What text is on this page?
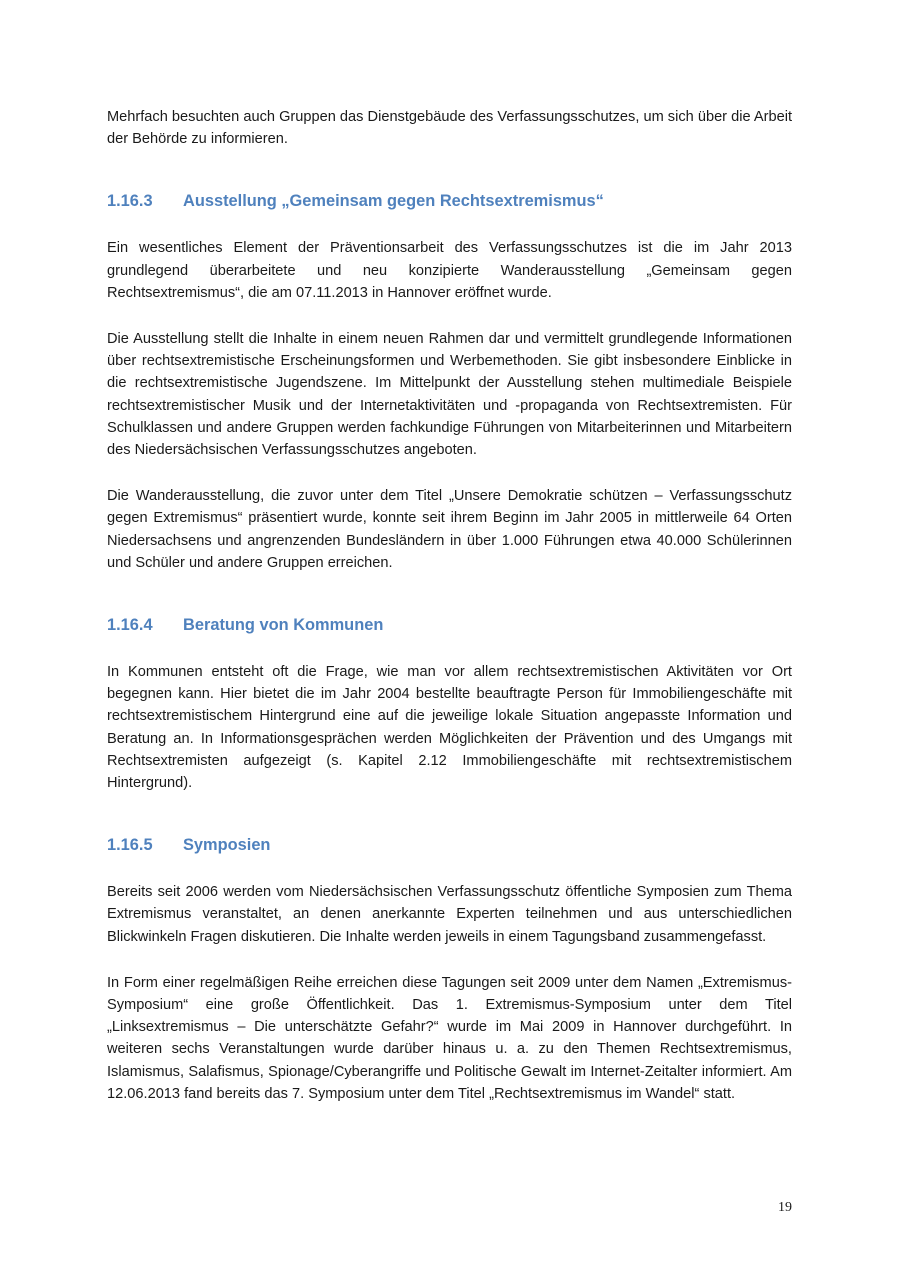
Mehrfach besuchten auch Gruppen das Dienstgebäude des Verfassungsschutzes, um sich über die Arbeit der Behörde zu informieren.

1.16.3	Ausstellung „Gemeinsam gegen Rechtsextremismus“

Ein wesentliches Element der Präventionsarbeit des Verfassungsschutzes ist die im Jahr 2013 grundlegend überarbeitete und neu konzipierte Wanderausstellung „Gemeinsam gegen Rechtsextremismus“, die am 07.11.2013 in Hannover eröffnet wurde.

Die Ausstellung stellt die Inhalte in einem neuen Rahmen dar und vermittelt grundlegende Informationen über rechtsextremistische Erscheinungsformen und Werbemethoden. Sie gibt insbesondere Einblicke in die rechtsextremistische Jugendszene. Im Mittelpunkt der Ausstellung stehen multimediale Beispiele rechtsextremistischer Musik und der Internetaktivitäten und -propaganda von Rechtsextremisten. Für Schulklassen und andere Gruppen werden fachkundige Führungen von Mitarbeiterinnen und Mitarbeitern des Niedersächsischen Verfassungsschutzes angeboten.

Die Wanderausstellung, die zuvor unter dem Titel „Unsere Demokratie schützen – Verfassungsschutz gegen Extremismus“ präsentiert wurde, konnte seit ihrem Beginn im Jahr 2005 in mittlerweile 64 Orten Niedersachsens und angrenzenden Bundesländern in über 1.000 Führungen etwa 40.000 Schülerinnen und Schüler und andere Gruppen erreichen.

1.16.4	Beratung von Kommunen

In Kommunen entsteht oft die Frage, wie man vor allem rechtsextremistischen Aktivitäten vor Ort begegnen kann. Hier bietet die im Jahr 2004 bestellte beauftragte Person für Immobiliengeschäfte mit rechtsextremistischem Hintergrund eine auf die jeweilige lokale Situation angepasste Information und Beratung an. In Informationsgesprächen werden Möglichkeiten der Prävention und des Umgangs mit Rechtsextremisten aufgezeigt (s. Kapitel 2.12 Immobiliengeschäfte mit rechtsextremistischem Hintergrund).

1.16.5	Symposien

Bereits seit 2006 werden vom Niedersächsischen Verfassungsschutz öffentliche Symposien zum Thema Extremismus veranstaltet, an denen anerkannte Experten teilnehmen und aus unterschiedlichen Blickwinkeln Fragen diskutieren. Die Inhalte werden jeweils in einem Tagungsband zusammengefasst.

In Form einer regelmäßigen Reihe erreichen diese Tagungen seit 2009 unter dem Namen „Extremismus-Symposium“ eine große Öffentlichkeit. Das 1. Extremismus-Symposium unter dem Titel „Linksextremismus – Die unterschätzte Gefahr?“ wurde im Mai 2009 in Hannover durchgeführt. In weiteren sechs Veranstaltungen wurde darüber hinaus u. a. zu den Themen Rechtsextremismus, Islamismus, Salafismus, Spionage/Cyberangriffe und Politische Gewalt im Internet-Zeitalter informiert. Am 12.06.2013 fand bereits das 7. Symposium unter dem Titel „Rechtsextremismus im Wandel“ statt.

19
